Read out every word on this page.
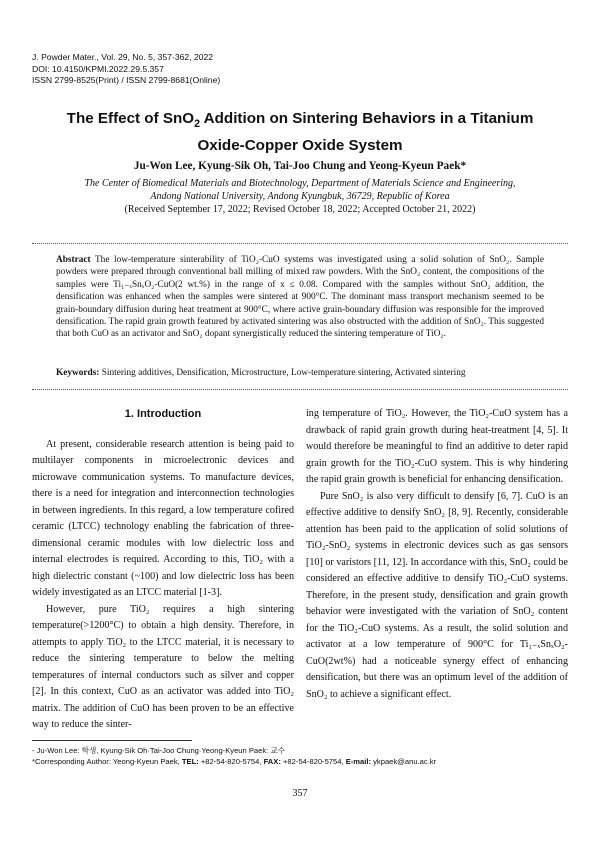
J. Powder Mater., Vol. 29, No. 5, 357-362, 2022
DOI: 10.4150/KPMI.2022.29.5.357
ISSN 2799-8525(Print) / ISSN 2799-8681(Online)
The Effect of SnO$_2$ Addition on Sintering Behaviors in a Titanium
Oxide-Copper Oxide System
Ju-Won Lee, Kyung-Sik Oh, Tai-Joo Chung and Yeong-Kyeun Paek*
The Center of Biomedical Materials and Biotechnology, Department of Materials Science and Engineering,
Andong National University, Andong Kyungbuk, 36729, Republic of Korea
(Received September 17, 2022; Revised October 18, 2022; Accepted October 21, 2022)
Abstract The low-temperature sinterability of TiO₂-CuO systems was investigated using a solid solution of SnO₂. Sample powders were prepared through conventional ball milling of mixed raw powders. With the SnO₂ content, the compositions of the samples were Ti₁₋ₓSnₓO₂-CuO(2 wt.%) in the range of x ≤ 0.08. Compared with the samples without SnO₂ addition, the densification was enhanced when the samples were sintered at 900°C. The dominant mass transport mechanism seemed to be grain-boundary diffusion during heat treatment at 900°C, where active grain-boundary diffusion was responsible for the improved densification. The rapid grain growth featured by activated sintering was also obstructed with the addition of SnO₂. This suggested that both CuO as an activator and SnO₂ dopant synergistically reduced the sintering temperature of TiO₂.
Keywords: Sintering additives, Densification, Microstructure, Low-temperature sintering, Activated sintering
1. Introduction

At present, considerable research attention is being paid to multilayer components in microelectronic devices and microwave communication systems. To manufacture devices, there is a need for integration and interconnection technologies in between ingredients. In this regard, a low temperature cofired ceramic (LTCC) technology enabling the fabrication of three-dimensional ceramic modules with low dielectric loss and internal electrodes is required. According to this, TiO₂ with a high dielectric constant (~100) and low dielectric loss has been widely investigated as an LTCC material [1-3].

However, pure TiO₂ requires a high sintering temperature(>1200°C) to obtain a high density. Therefore, in attempts to apply TiO₂ to the LTCC material, it is necessary to reduce the sintering temperature to below the melting temperatures of internal conductors such as silver and copper [2]. In this context, CuO as an activator was added into TiO₂ matrix. The addition of CuO has been proven to be an effective way to reduce the sinter-

ing temperature of TiO₂. However, the TiO₂-CuO system has a drawback of rapid grain growth during heat-treatment [4, 5]. It would therefore be meaningful to find an additive to deter rapid grain growth for the TiO₂-CuO system. This is why hindering the rapid grain growth is beneficial for enhancing densification.

Pure SnO₂ is also very difficult to densify [6, 7]. CuO is an effective additive to densify SnO₂ [8, 9]. Recently, considerable attention has been paid to the application of solid solutions of TiO₂-SnO₂ systems in electronic devices such as gas sensors [10] or varistors [11, 12]. In accordance with this, SnO₂ could be considered an effective additive to densify TiO₂-CuO systems. Therefore, in the present study, densification and grain growth behavior were investigated with the variation of SnO₂ content for the TiO₂-CuO systems. As a result, the solid solution and activator at a low temperature of 900°C for Ti₁₋ₓSnₓO₂-CuO(2wt%) had a noticeable synergy effect of enhancing densification, but there was an optimum level of the addition of SnO₂ to achieve a significant effect.

- Ju-Won Lee: 학생, Kyung-Sik Oh·Tai-Joo Chung·Yeong-Kyeun Paek: 교수
*Corresponding Author: Yeong-Kyeun Paek, TEL: +82-54-820-5754, FAX: +82-54-820-5754, E-mail: ykpaek@anu.ac.kr
357
